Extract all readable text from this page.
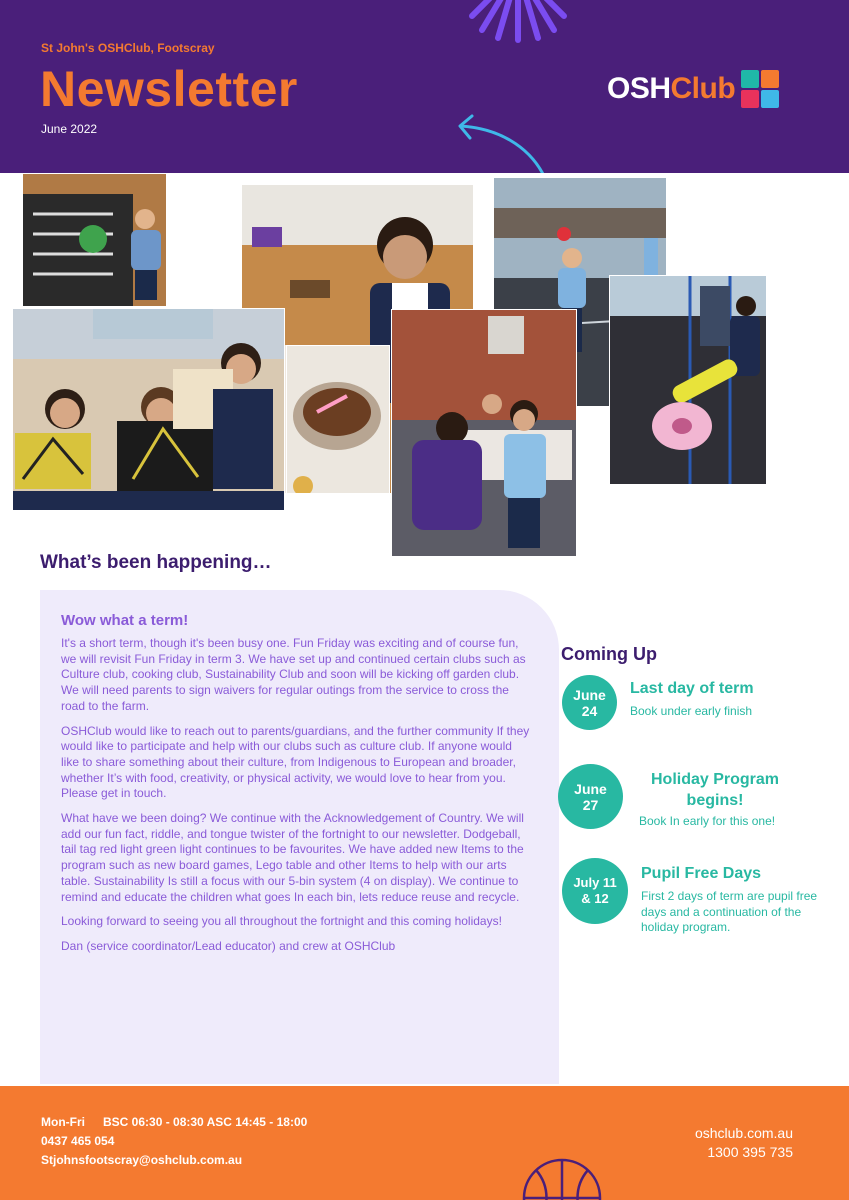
St John's OSHClub, Footscray
Newsletter
June 2022
OSH Club
What’s been happening…
Wow what a term!

It's a short term, though it's been busy one. Fun Friday was exciting and of course fun, we will revisit Fun Friday in term 3. We have set up and continued certain clubs such as Culture club, cooking club, Sustainability Club and soon will be kicking off garden club. We will need parents to sign waivers for regular outings from the service to cross the road to the farm.

OSHClub would like to reach out to parents/guardians, and the further community If they would like to participate and help with our clubs such as culture club. If anyone would like to share something about their culture, from Indigenous to European and broader, whether It’s with food, creativity, or physical activity, we would love to hear from you. Please get in touch.

What have we been doing? We continue with the Acknowledgement of Country. We will add our fun fact, riddle, and tongue twister of the fortnight to our newsletter. Dodgeball, tail tag red light green light continues to be favourites. We have added new Items to the program such as new board games, Lego table and other Items to help with our arts table. Sustainability Is still a focus with our 5-bin system (4 on display). We continue to remind and educate the children what goes In each bin, lets reduce reuse and recycle.

Looking forward to seeing you all throughout the fortnight and this coming holidays!

Dan (service coordinator/Lead educator) and crew at OSHClub

Coming Up
June
24
Last day of term
Book under early finish
June
27
Holiday Program begins!
Book In early for this one!
July 11
& 12
Pupil Free Days
First 2 days of term are pupil free days and a continuation of the holiday program.
Mon-Fri BSC 06:30 - 08:30 ASC 14:45 - 18:00
0437 465 054
Stjohnsfootscray@oshclub.com.au
oshclub.com.au
1300 395 735
